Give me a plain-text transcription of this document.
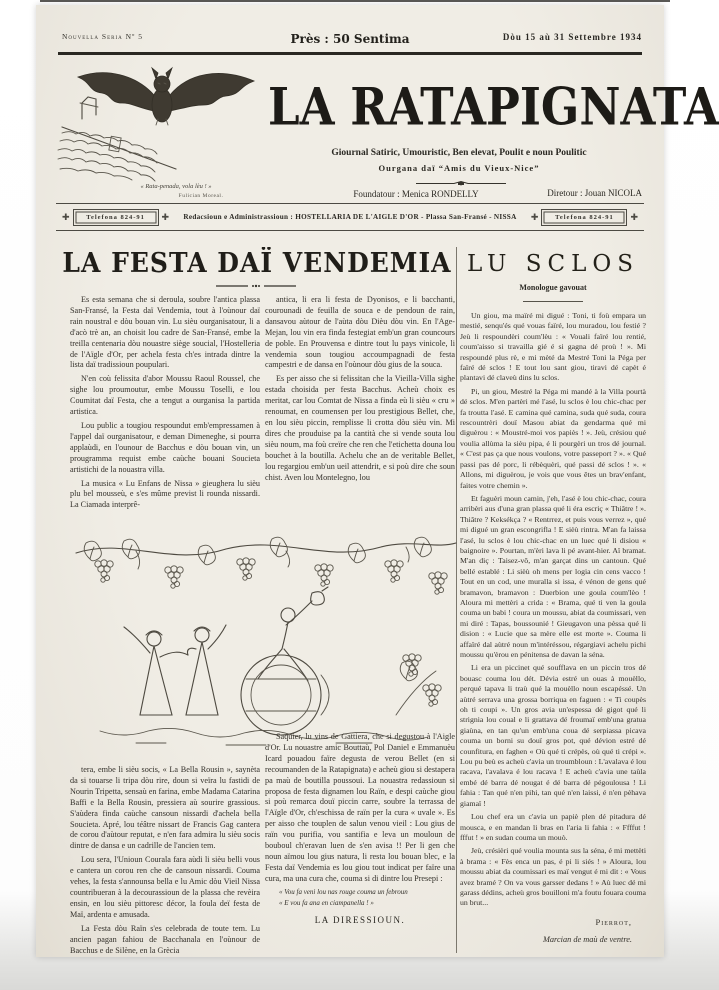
Nouvella Seria Nº 5	Près : 50 Sentima	Dòu 15 aù 31 Settembre 1934
« Rata-penada, vola lèu ! »
Fulician Moreal.
LA RATAPIGNATA
Giournal Satiric, Umouristic, Ben elevat, Poulit e noun Poulitic
Ourgana daï “Amis du Vieux-Nice”
Foundatour : Menica RONDELLY	Diretour : Jouan NICOLA
✚	Telefona 824-91	✚	Redacsioun e Administrassioun : HOSTELLARIA DE L'AIGLE D'OR - Plassa San-Fransé - NISSA	✚	Telefona 824-91	✚
LA FESTA DAÏ VENDEMIA

Es esta semana che si deroula, soubre l'antica plassa San-Fransé, la Festa daï Vendemia, tout à l'oùnour daï rain noustral e dòu bouan vin. Lu sièu ourganisatour, li a d'acò trè an, an choisit lou cadre de San-Fransé, embe la treilla centenaria dòu nouastre siège soucial, l'Hostelleria de l'Aïgle d'Or, per achela festa ch'es intrada dintre la lista daï tradissioun poupulari.

N'en coù felissita d'abor Moussu Raoul Roussel, che sighe lou proumoutur, embe Moussu Toselli, e lou Coumitat daï Festa, che a tengut a ourganisa la partida artistica.

Lou public a tougiou respoundut emb'empressamen à l'appel daï ourganisatour, e deman Dimeneghe, si pourra applaùdi, en l'ounour de Bacchus e dòu bouan vin, un prougramma requist embe caùche bouani Soucieta artistichi de la nouastra villa.

La musica « Lu Enfans de Nissa » gieughera lu sièu plu bel mousseù, e s'es mûme previst li rounda nissardi. La Ciamada interprê-

antica, li era li festa de Dyonisos, e li bacchanti, courounadi de feuilla de souca e de pendoun de rain, dansavou aùtour de l'aùta dòu Dièu dòu vin. En l'Age-Mejan, lou vin era finda festegiat emb'un gran councours de poble. En Prouvensa e dintre tout lu pays vinicole, li vendemia soun tougiou accoumpagnadi de festa campestri e de dansa en l'oùnour dòu gius de la souca.

Es per aisso che si felissitan che la Vieilla-Villa sighe estada choisida per festa Bacchus. Acheù choix es meritat, car lou Comtat de Nissa a finda eù li sièu « cru » renoumat, en coumensen per lou prestigious Bellet, che, en lou sièu piccin, remplisse li crotta dòu sièu vin. Mi dires che prouduise pa la cantità che si vende souta lou sièu noum, ma foù creïre che ren che l'etichetta douna lou bouchet à la boutilla. Achelu che an de veritable Bellet, lou regargiou emb'un ueil attendrit, e si poù dire che soun chist. Aven lou Montelegno, lou

tera, embe li sièu socis, « La Bella Rousin », saynèta da si touarse li tripa dòu rire, doun si veïra lu fastidi de Nourin Tripetta, sensaù en farina, embe Madama Catarina Baffi e la Bella Rousin, pressiera aù sourire grassious. S'aùdera finda caùche cansoun nissardi d'achela bella Soucieta. Apré, lou téâtre nissart de Francis Gag cantera de corou d'aùtour reputat, e n'en fara admira lu sièu socis dintre de dansa e un cadrille de l'ancien tem.

Lou sera, l'Unioun Courala fara aùdi li sièu belli vous e cantera un corou ren che de cansoun nissardi. Couma vehes, la festa s'announsa bella e lu Amic dòu Vieil Nissa countribueran à la decourassioun de la plassa che revèira ensin, en lou sièu pittoresc décor, la foula deï festa de Maï, ardenta e amusada.

La Festa dòu Raïn s'es celebrada de toute tem. Lu ancien pagan fahiou de Bacchanala en l'oùnour de Bacchus e de Silène, en la Grècia

Saquier, lu vins de Gattiera, che si degustou à l'Aigle d'Or. Lu nouastre amic Bouttaù, Pol Daniel e Emmanuèu Icard pouadou faïre degusta de verou Bellet (en si recoumanden de la Ratapignata) e acheù giou si destapera pa maù de boutilla poussoui. La nouastra redassioun si proposa de festa dignamen lou Raïn, e despi caùche giou si poù remarca douï piccin carre, soubre la terrassa de l'Aïgle d'Or, ch'eschissa de raïn per la cura « uvale ». Es per aisso che touplen de salun venou vieil : Lou gius de raïn vou purifia, vou santifia e leva un mouloun de bouboul ch'eravan luen de s'en avisa !! Per li gen che noun aïmou lou gius natura, li resta lou bouan blec, e la Festa daï Vendemia es lou giou tout indicat per faïre una cura, ma una cura che, couma si di dintre lou Presepi :

« Vou fa veni lou nas rouge couma un febroun

« E vou fa ana en ciampanella ! »

LA DIRESSIOUN.

LU SCLOS
Monologue gavouat

Un giou, ma maïré mi digué : Toni, ti foù empara un mestié, senqu'és qué vouas faïré, lou muradou, lou festié ? Jeù li respoundèri coum'lèu : « Vouali faïré lou rentié, coum'aisso si travailla gié é si gagna dé proù ! ». Mi respoundé plus rè, e mi mèté da Mestré Toni la Péga per faïré dé sclos ! E tout lou sant giou, tiravi dé capèt é plantavi dé claveù dins lu sclos.

Pi, un giou, Mestré la Péga mi mandé à la Villa pourtà dé sclos. M'en partèri mé l'asé, lu sclos è lou chic-chac per fa troutta l'asé. E camina qué camina, suda qué suda, coura rescountrèri douï Masou abiat da gendarma qué mi diguèrou : « Moustré-moi vos papiès ! ». Jeù, crésiou qué voulia allùma la sièu pipa, é li pourgèri un tros dé journal. « C'est pas ça que nous voulons, votre passeport ? ». « Qué passi pas dé porc, li rébèquèri, qué passi dé sclos ! ». « Allons, mi diguèrou, je vois que vous êtes un brav'enfant, faites votre chemin ».

Et faguèri moun camin, j'eh, l'asé è lou chic-chac, coura arribèri aus d'una gran plassa qué li éra escriç « Thiâtre ! ». Thiâtre ? Keksékça ? « Rentrrez, et puis vous verrez », qué mi digué un gran escongrifla ! E sièù rintra. M'an fa laissa l'asé, lu sclos è lou chic-chac en un luec qué li disiou « baignoire ». Pourtan, m'èri lava li pé avant-hier. Aï bramat. M'an diç : Taisez-vô, m'an garçat dins un cantoun. Qué bellé establé : Li sièù oh mens per logia cin cens vacco ! Tout en un cod, une muralla si issa, é vénon de gens qué bramavon, bramavon : Duerbion une goula coum'lèo ! Aloura mi mettèri a crida : « Brama, qué ti ven la goula couma un babi ! coura un moussu, abiat da coumissari, ven mi diré : Tapas, boussounié ! Gieugavon una pèssa qué li dision : « Lucie que sa mère elle est morte ». Couma li affaïré dal aùtré noun m'intéréssou, régargiavi achelu pichi moussu qu'èrou en pénitensa de davan la séna.

Li era un piccinet qué soufflava en un piccin tros dé bouasc couma lou dét. Dévia estré un ouas à mouèllo, perqué tapava li traù qué la mouèllo noun escapéssé. Un aùtré serrava una grossa borriqua en faguen : « Ti coupès oh ti coupi ». Un gros avia un'espessa dé gigot qué li strignia lou coual e li grattava dé froumaï emb'una gratua giaùna, en tan qu'un emb'una coua dé serpiassa picava couma un borni su douï gros pot, qué dévion estré dé counfitura, en faghen « Où qué ti crépès, où qué ti crépi ». Lou pu beù es acheù c'avia un troumbloun : L'avalava é lou racava, l'avalava é lou racava ! E acheù c'avia une taùla embé dé barra dé nougat é dé barra dé pégoulousa ! Li fahia : Tan qué n'en pihi, tan qué n'en laissi, é n'en pèhava giamaï !

Lou chef era un c'avia un papiè plen dé pitadura dé mousca, e en mandan li bras en l'aria li fahia : « Ffffut ! fffut ! » en sudan couma un mouò.

Jeù, crésièri qué voulia mounta sus la séna, é mi mettèti à brama : « Fès enca un pas, é pi li siés ! » Aloura, lou moussu abiat da coumissari es maï vengut é mi dit : « Vous avez bramé ? On va vous garsser dedans ! » Aù luec dé mi garass dédins, acheù gros bouilloni m'a foutu fouara couma un brut...

Pierrot,

Marcian de maù de ventre.
